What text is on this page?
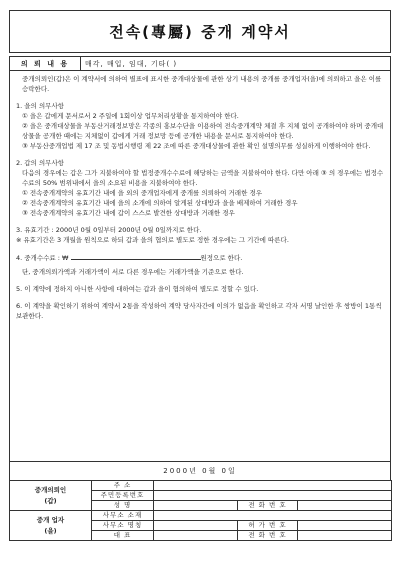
전속(專屬) 중개 계약서
의 뢰 내 용	매각, 매입, 임대, 기타( )

중개의뢰인(갑)은 이 계약서에 의하여 별표에 표시한 중개대상물에 관한 상기 내용의 중개를 중개업자(을)에 의뢰하고 을은 이를 승락한다.

1. 을의 의무사항

① 을은 갑에게 문서로서 2 주일에 1회이상 업무처리상황을 통지하여야 한다.

② 을은 중개대상물을 부동산거래정보망은 각종의 홍보수단을 이용하여 전속중개계약 체결 후 지체 없이 공개하여야 하며 중개대상물을 공개한 때에는 지체없이 갑에게 거래 정보망 등에 공개한 내용을 문서로 통지하여야 한다.

③ 부동산중개업법 제 17 조 및 동법시행령 제 22 조에 따른 중개대상물에 관한 확인 설명의무를 성실하게 이행하여야 한다.

2. 갑의 의무사항

다음의 경우에는 갑은 그가 지불하여야 할 법정중개수수료에 해당하는 금액을 지불하여야 한다. 다만 아래 ③ 의 경우에는 법정수수료의 50% 범위내에서 을의 소요된 비용을 지불하여야 한다.

① 전속중개계약의 유효기간 내에 을 외의 중개업자에게 중개를 의뢰하여 거래한 경우

② 전속중개계약의 유효기간 내에 을의 소개에 의하여 알게된 상대방과 을을 배제하여 거래한 경우

③ 전속중개계약의 유효기간 내에 갑이 스스로 발견한 상대방과 거래한 경우

3. 유효기간 : 2000년 0월 0일부터 2000년 0월 0일까지로 한다.

※ 유효기간은 3 개월을 원칙으로 하되 갑과 을의 협의로 별도로 정한 경우에는 그 기간에 따른다.

4. 중개수수료 : ₩	원정으로 한다.

단, 중개의뢰가액과 거래가액이 서로 다른 경우에는 거래가액을 기준으로 한다.

5. 이 계약에 정하지 아니한 사항에 대하여는 갑과 을이 협의하여 별도로 정할 수 있다.

6. 이 계약을 확인하기 위하여 계약서 2통을 작성하여 계약 당사자간에 이의가 없음을 확인하고 각자 서명 날인한 후 쌍방이 1통씩 보관한다.

2000년 0월 0일
중개의뢰인
(갑)	주 소			
	주민등록번호			
	성 명		전 화 번 호	
중개 업자
(을)	사무소 소재			
	사무소 명칭		허 가 번 호	
	대 표		전 화 번 호	
